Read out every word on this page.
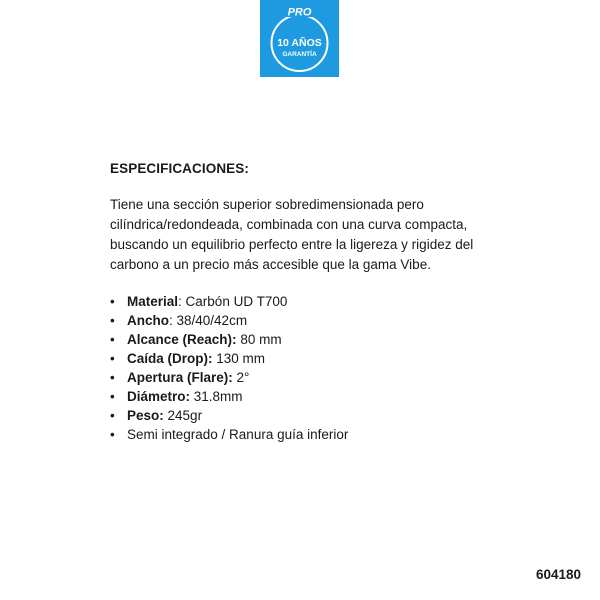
PRO
10 AÑOS
GARANTÍA
ESPECIFICACIONES:

Tiene una sección superior sobredimensionada pero
cilíndrica/redondeada, combinada con una curva compacta,
buscando un equilibrio perfecto entre la ligereza y rigidez del
carbono a un precio más accesible que la gama Vibe.

• Material: Carbón UD T700
• Ancho: 38/40/42cm
• Alcance (Reach): 80 mm
• Caída (Drop): 130 mm
• Apertura (Flare): 2°
• Diámetro: 31.8mm
• Peso: 245gr
• Semi integrado / Ranura guía inferior
604180
